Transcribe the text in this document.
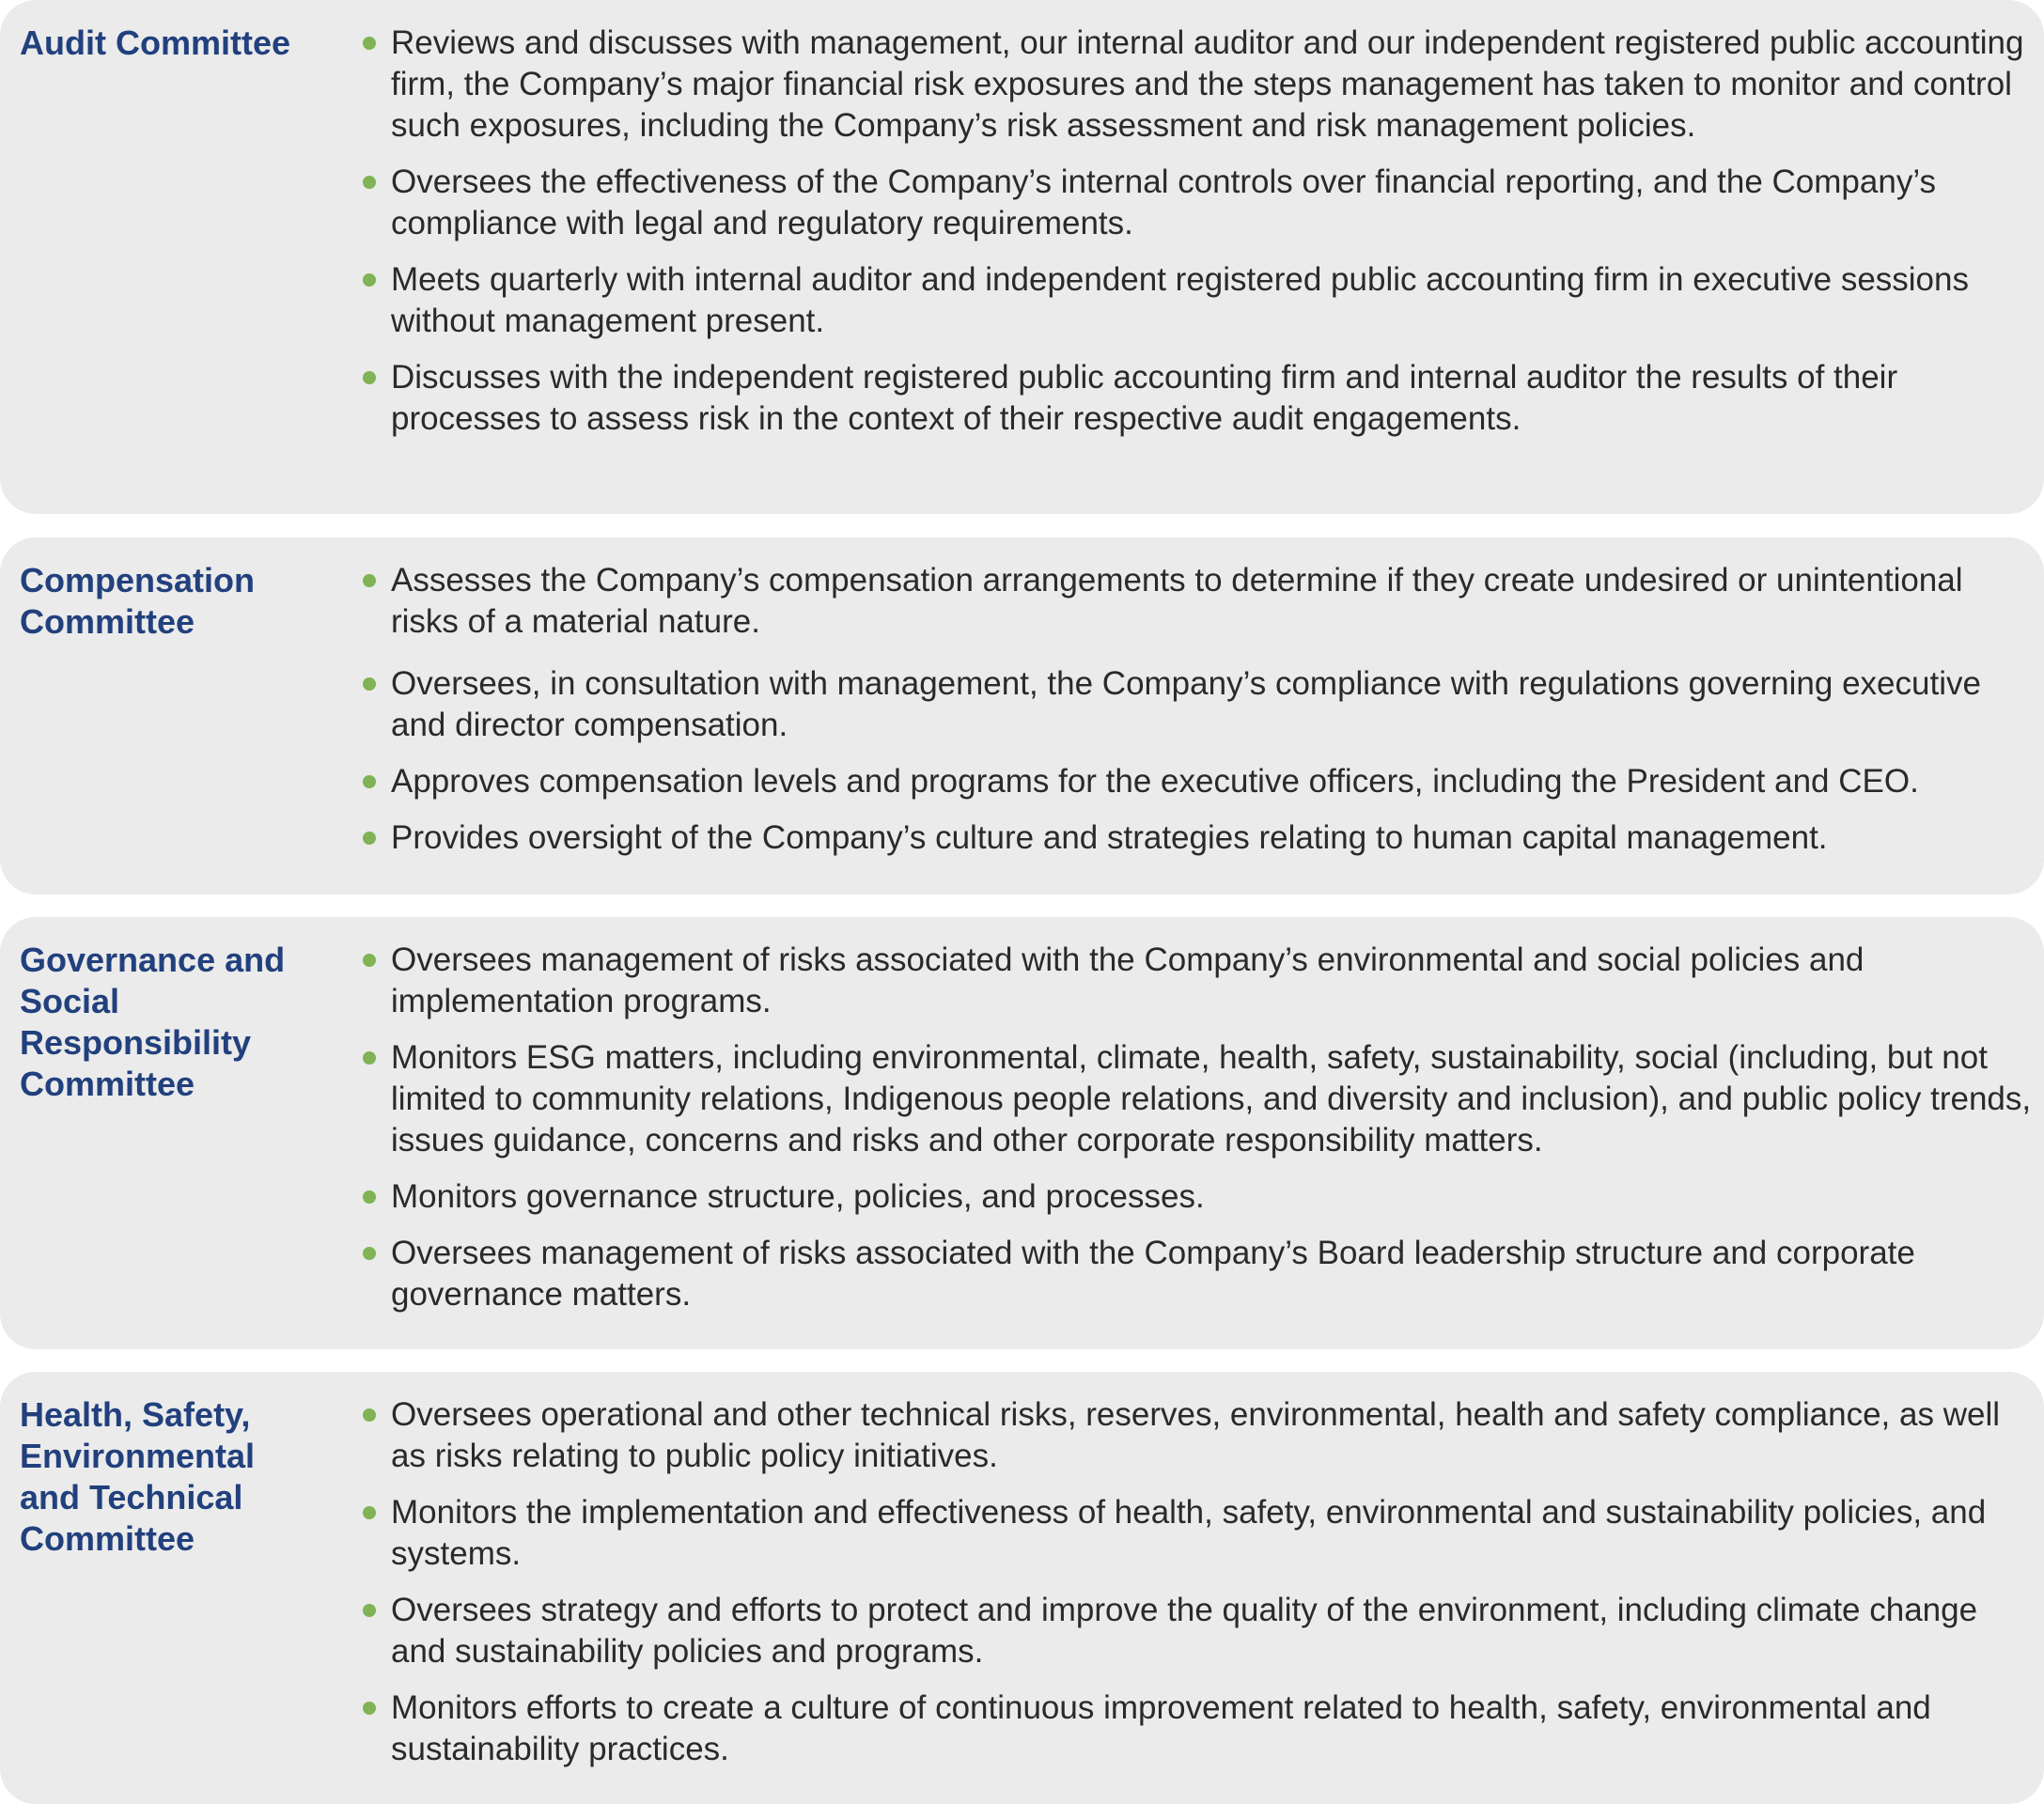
Audit Committee	Reviews and discusses with management, our internal auditor and our independent registered public accounting firm, the Company’s major financial risk exposures and the steps management has taken to monitor and control such exposures, including the Company’s risk assessment and risk management policies.
Oversees the effectiveness of the Company’s internal controls over financial reporting, and the Company’s compliance with legal and regulatory requirements.
Meets quarterly with internal auditor and independent registered public accounting firm in executive sessions without management present.
Discusses with the independent registered public accounting firm and internal auditor the results of their processes to assess risk in the context of their respective audit engagements.
Compensation Committee
Assesses the Company’s compensation arrangements to determine if they create undesired or unintentional risks of a material nature.
Oversees, in consultation with management, the Company’s compliance with regulations governing executive and director compensation.
Approves compensation levels and programs for the executive officers, including the President and CEO.
Provides oversight of the Company’s culture and strategies relating to human capital management.
Governance and Social Responsibility Committee
Oversees management of risks associated with the Company’s environmental and social policies and implementation programs.
Monitors ESG matters, including environmental, climate, health, safety, sustainability, social (including, but not limited to community relations, Indigenous people relations, and diversity and inclusion), and public policy trends, issues guidance, concerns and risks and other corporate responsibility matters.
Monitors governance structure, policies, and processes.
Oversees management of risks associated with the Company’s Board leadership structure and corporate governance matters.
Health, Safety, Environmental and Technical Committee
Oversees operational and other technical risks, reserves, environmental, health and safety compliance, as well as risks relating to public policy initiatives.
Monitors the implementation and effectiveness of health, safety, environmental and sustainability policies, and systems.
Oversees strategy and efforts to protect and improve the quality of the environment, including climate change and sustainability policies and programs.
Monitors efforts to create a culture of continuous improvement related to health, safety, environmental and sustainability practices.
